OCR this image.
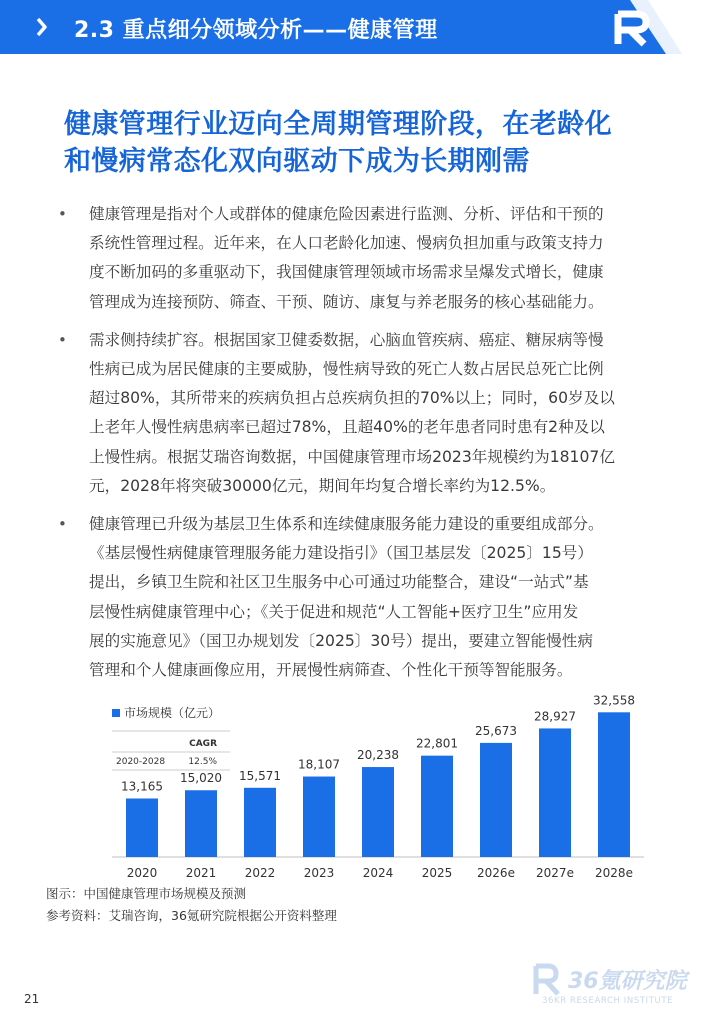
2.3 重点细分领域分析——健康管理
健康管理行业迈向全周期管理阶段，在老龄化
和慢病常态化双向驱动下成为长期刚需
• 健康管理是指对个人或群体的健康危险因素进行监测、分析、评估和干预的
系统性管理过程。近年来，在人口老龄化加速、慢病负担加重与政策支持力
度不断加码的多重驱动下，我国健康管理领域市场需求呈爆发式增长，健康
管理成为连接预防、筛查、干预、随访、康复与养老服务的核心基础能力。
• 需求侧持续扩容。根据国家卫健委数据，心脑血管疾病、癌症、糖尿病等慢
性病已成为居民健康的主要威胁，慢性病导致的死亡人数占居民总死亡比例
超过80%，其所带来的疾病负担占总疾病负担的70%以上；同时，60岁及以
上老年人慢性病患病率已超过78%，且超40%的老年患者同时患有2种及以
上慢性病。根据艾瑞咨询数据，中国健康管理市场2023年规模约为18107亿
元，2028年将突破30000亿元，期间年均复合增长率约为12.5%。
• 健康管理已升级为基层卫生体系和连续健康服务能力建设的重要组成部分。
《基层慢性病健康管理服务能力建设指引》（国卫基层发〔2025〕15号）
提出，乡镇卫生院和社区卫生服务中心可通过功能整合，建设“一站式”基
层慢性病健康管理中心；《关于促进和规范“人工智能+医疗卫生”应用发
展的实施意见》（国卫办规划发〔2025〕30号）提出，要建立智能慢性病
管理和个人健康画像应用，开展慢性病筛查、个性化干预等智能服务。
市场规模（亿元）
CAGR
2020-2028	12.5%
13,165
2020
15,020
2021
15,571
2022
18,107
2023
20,238
2024
22,801
2025
25,673
2026e
28,927
2027e
32,558
2028e
图示：中国健康管理市场规模及预测
参考资料：艾瑞咨询，36氪研究院根据公开资料整理
21
36氪研究院
36KR RESEARCH INSTITUTE
